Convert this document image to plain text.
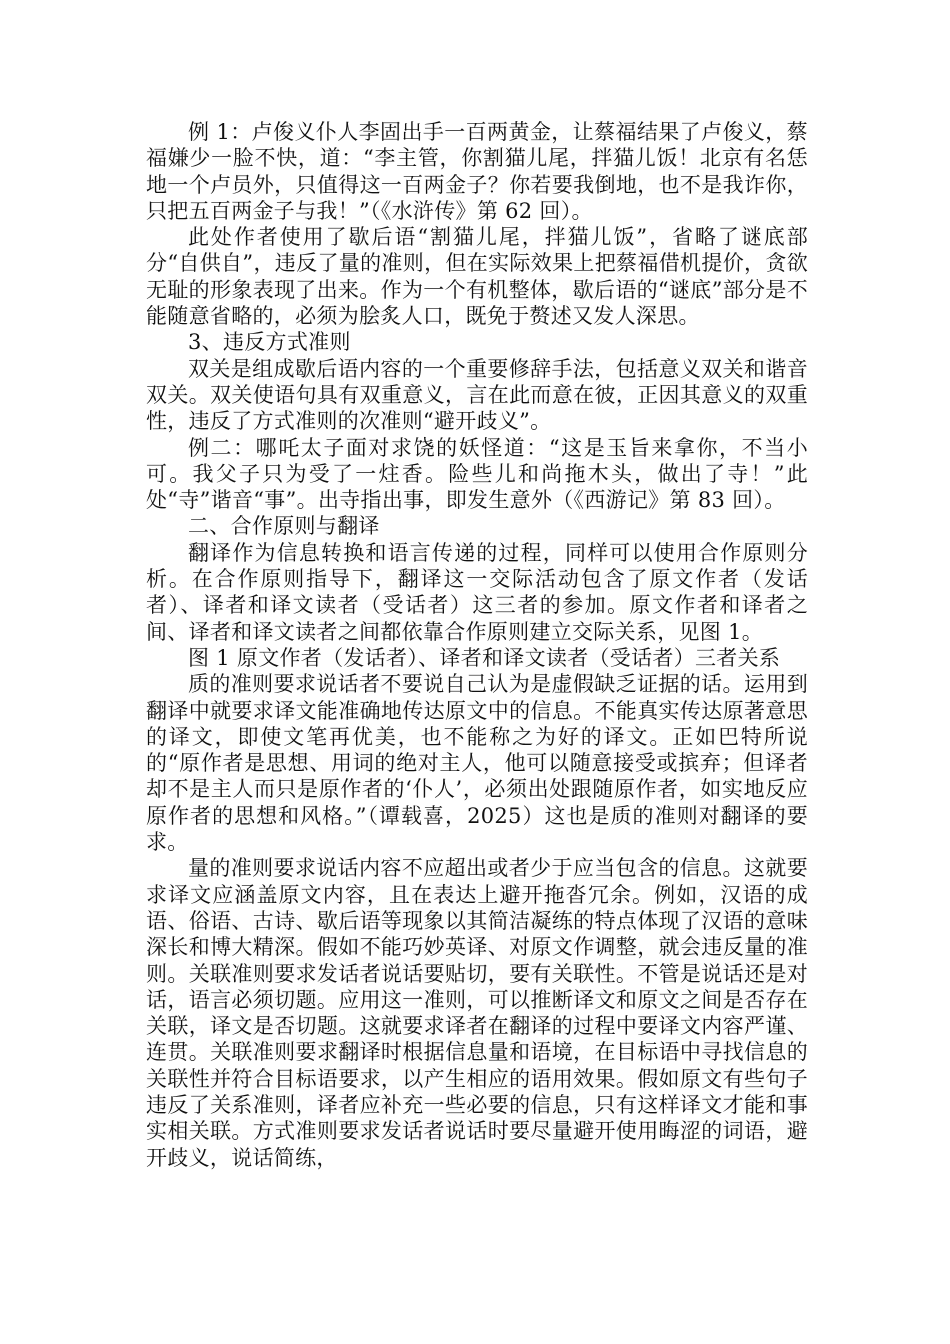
例 1：卢俊义仆人李固出手一百两黄金，让蔡福结果了卢俊义，蔡福嫌少一脸不快，道：“李主管，你割猫儿尾，拌猫儿饭！北京有名恁地一个卢员外，只值得这一百两金子？你若要我倒地，也不是我诈你，只把五百两金子与我！”（《水浒传》第 62 回）。

此处作者使用了歇后语“割猫儿尾，拌猫儿饭”，省略了谜底部分“自供自”，违反了量的准则，但在实际效果上把蔡福借机提价，贪欲无耻的形象表现了出来。作为一个有机整体，歇后语的“谜底”部分是不能随意省略的，必须为脍炙人口，既免于赘述又发人深思。

3、违反方式准则

双关是组成歇后语内容的一个重要修辞手法，包括意义双关和谐音双关。双关使语句具有双重意义，言在此而意在彼，正因其意义的双重性，违反了方式准则的次准则“避开歧义”。

例二：哪吒太子面对求饶的妖怪道：“这是玉旨来拿你，不当小可。我父子只为受了一炷香。险些儿和尚拖木头，做出了寺！”此处“寺”谐音“事”。出寺指出事，即发生意外（《西游记》第 83 回）。

二、合作原则与翻译

翻译作为信息转换和语言传递的过程，同样可以使用合作原则分析。在合作原则指导下，翻译这一交际活动包含了原文作者（发话者）、译者和译文读者（受话者）这三者的参加。原文作者和译者之间、译者和译文读者之间都依靠合作原则建立交际关系，见图 1。

图 1 原文作者（发话者）、译者和译文读者（受话者）三者关系

质的准则要求说话者不要说自己认为是虚假缺乏证据的话。运用到翻译中就要求译文能准确地传达原文中的信息。不能真实传达原著意思的译文，即使文笔再优美，也不能称之为好的译文。正如巴特所说的“原作者是思想、用词的绝对主人，他可以随意接受或摈弃；但译者却不是主人而只是原作者的‘仆人’，必须出处跟随原作者，如实地反应原作者的思想和风格。”（谭载喜，2025）这也是质的准则对翻译的要求。

量的准则要求说话内容不应超出或者少于应当包含的信息。这就要求译文应涵盖原文内容，且在表达上避开拖沓冗余。例如，汉语的成语、俗语、古诗、歇后语等现象以其简洁凝练的特点体现了汉语的意味深长和博大精深。假如不能巧妙英译、对原文作调整，就会违反量的准则。关联准则要求发话者说话要贴切，要有关联性。不管是说话还是对话，语言必须切题。应用这一准则，可以推断译文和原文之间是否存在关联，译文是否切题。这就要求译者在翻译的过程中要译文内容严谨、连贯。关联准则要求翻译时根据信息量和语境，在目标语中寻找信息的关联性并符合目标语要求，以产生相应的语用效果。假如原文有些句子违反了关系准则，译者应补充一些必要的信息，只有这样译文才能和事实相关联。方式准则要求发话者说话时要尽量避开使用晦涩的词语，避开歧义，说话简练，
